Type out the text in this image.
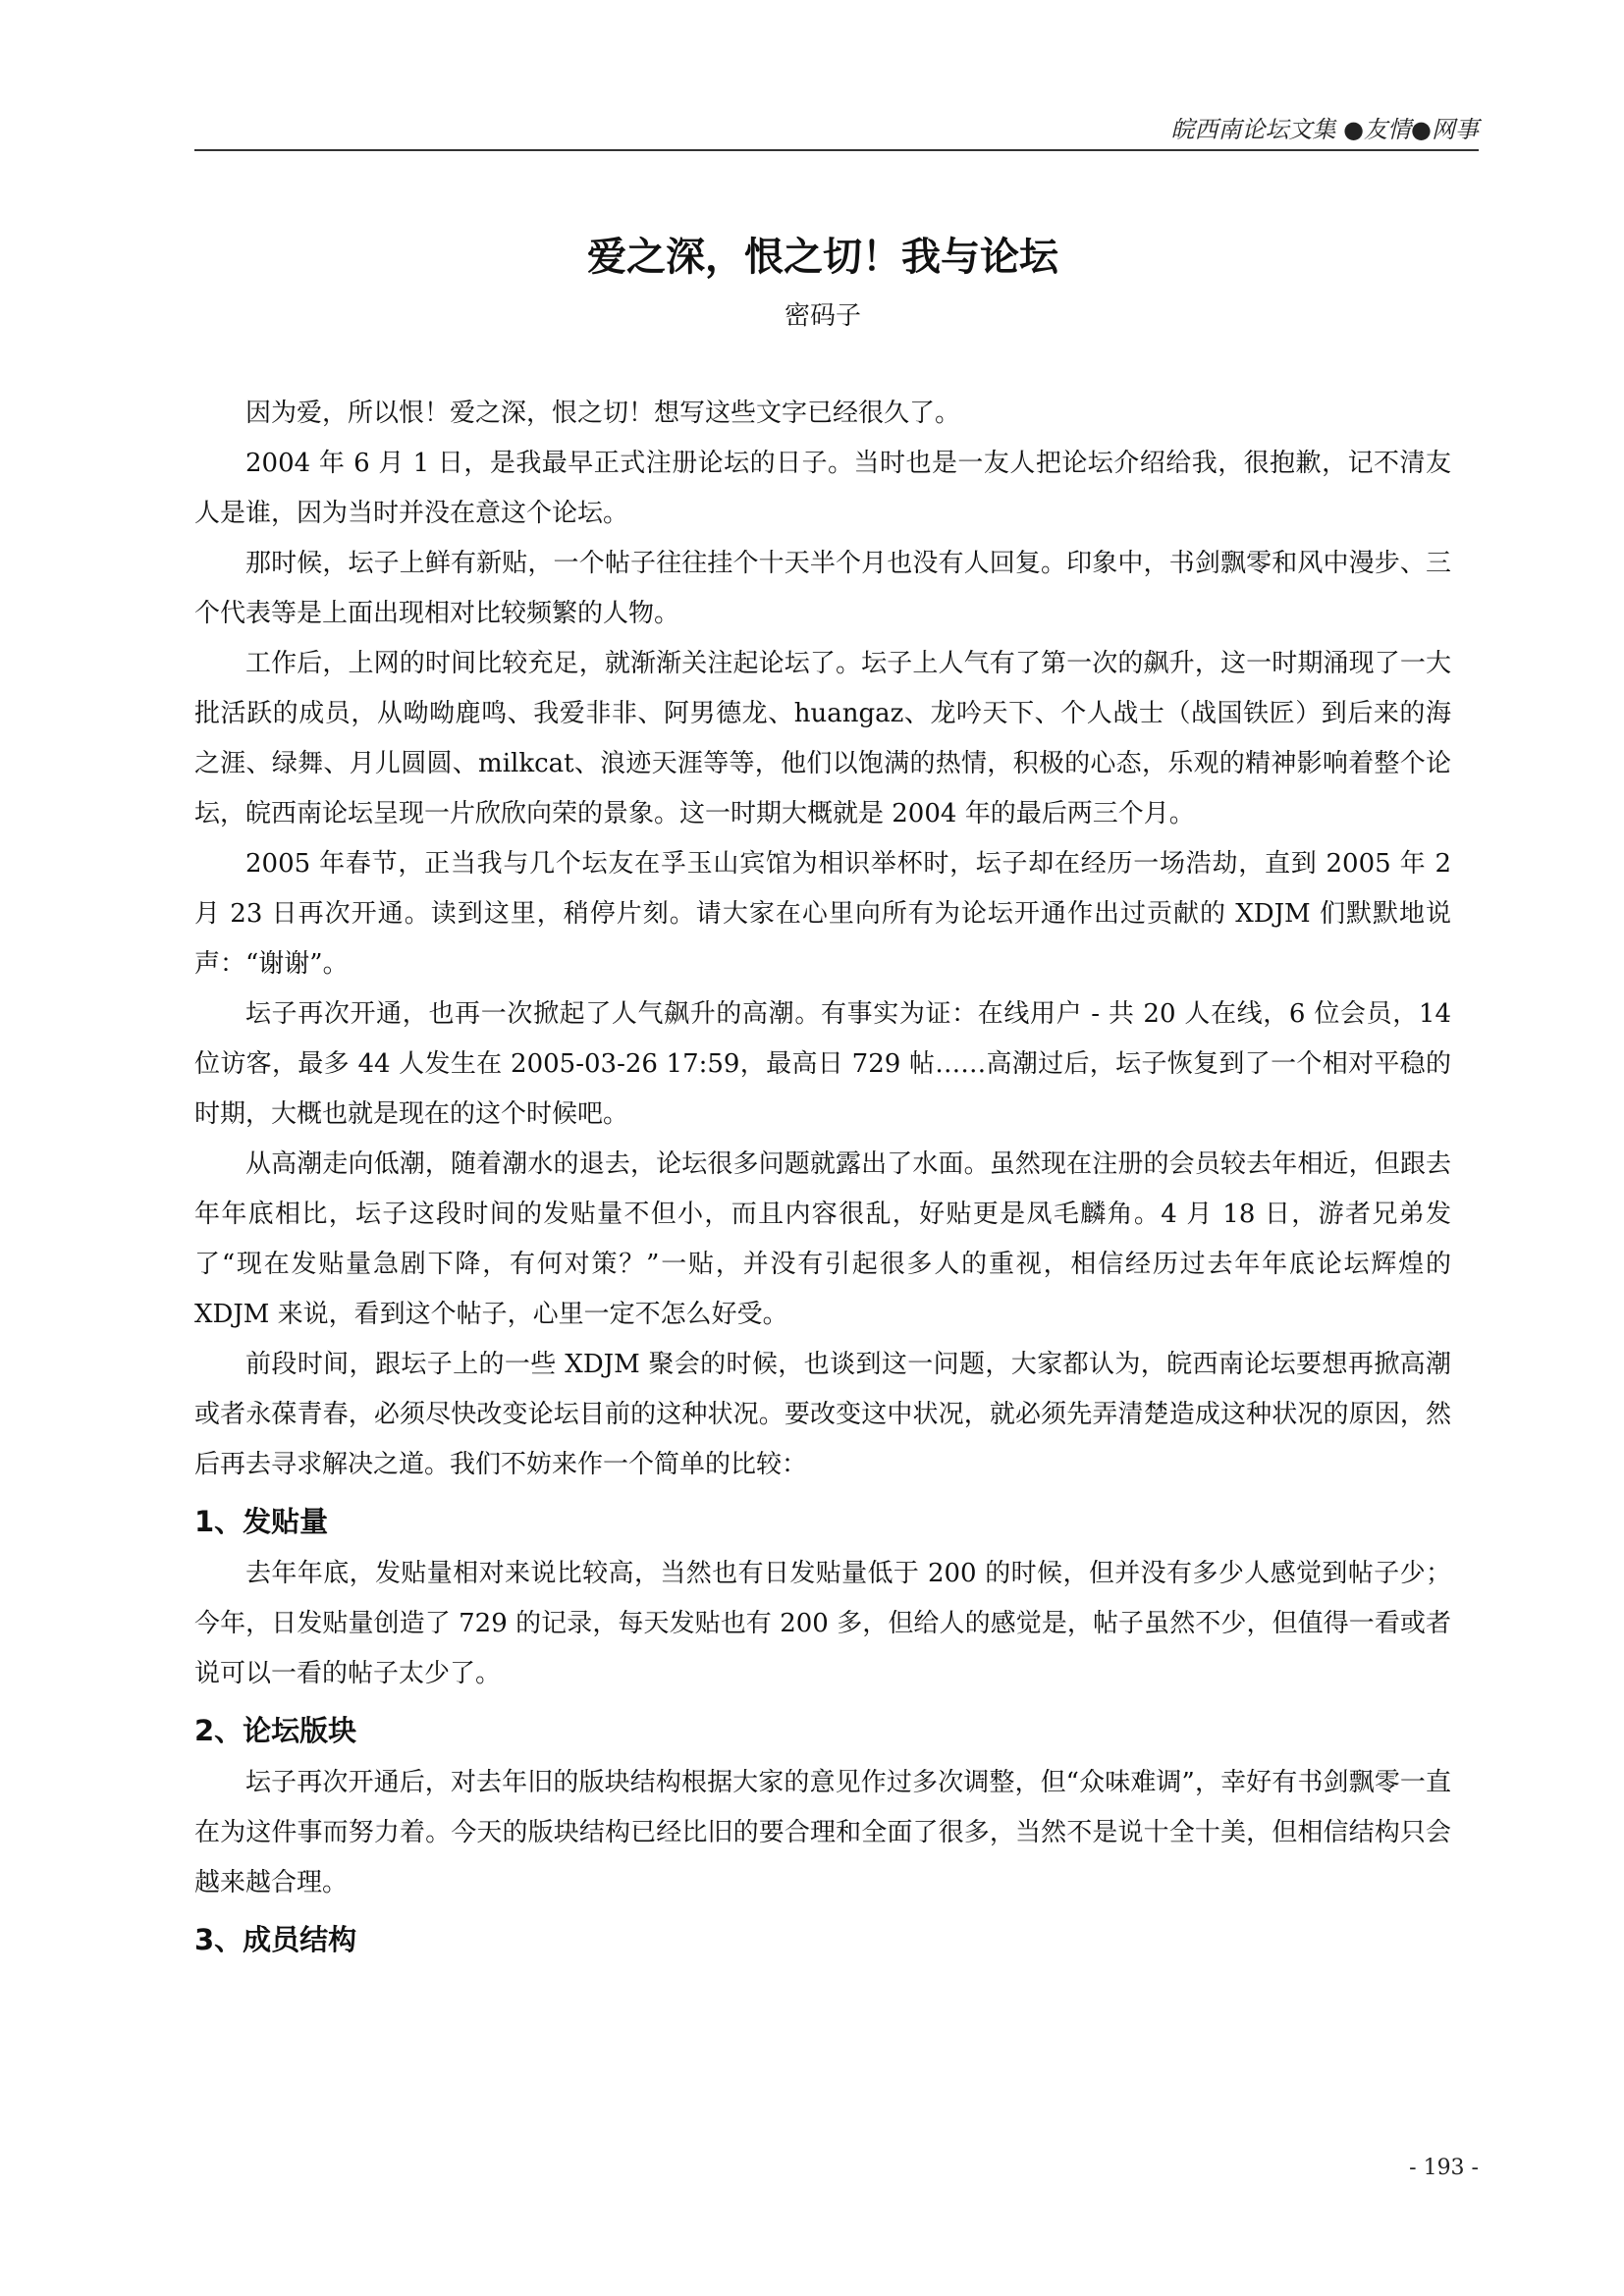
皖西南论坛文集 ●友情●网事
爱之深，恨之切！我与论坛
密码子

因为爱，所以恨！爱之深，恨之切！想写这些文字已经很久了。

2004 年 6 月 1 日，是我最早正式注册论坛的日子。当时也是一友人把论坛介绍给我，很抱歉，记不清友人是谁，因为当时并没在意这个论坛。

那时候，坛子上鲜有新贴，一个帖子往往挂个十天半个月也没有人回复。印象中，书剑飘零和风中漫步、三个代表等是上面出现相对比较频繁的人物。

工作后，上网的时间比较充足，就渐渐关注起论坛了。坛子上人气有了第一次的飙升，这一时期涌现了一大批活跃的成员，从呦呦鹿鸣、我爱非非、阿男德龙、huangaz、龙吟天下、个人战士（战国铁匠）到后来的海之涯、绿舞、月儿圆圆、milkcat、浪迹天涯等等，他们以饱满的热情，积极的心态，乐观的精神影响着整个论坛，皖西南论坛呈现一片欣欣向荣的景象。这一时期大概就是 2004 年的最后两三个月。

2005 年春节，正当我与几个坛友在孚玉山宾馆为相识举杯时，坛子却在经历一场浩劫，直到 2005 年 2 月 23 日再次开通。读到这里，稍停片刻。请大家在心里向所有为论坛开通作出过贡献的 XDJM 们默默地说声：“谢谢”。

坛子再次开通，也再一次掀起了人气飙升的高潮。有事实为证：在线用户 - 共 20 人在线，6 位会员，14 位访客，最多 44 人发生在 2005-03-26 17:59，最高日 729 帖……高潮过后，坛子恢复到了一个相对平稳的时期，大概也就是现在的这个时候吧。

从高潮走向低潮，随着潮水的退去，论坛很多问题就露出了水面。虽然现在注册的会员较去年相近，但跟去年年底相比，坛子这段时间的发贴量不但小，而且内容很乱，好贴更是凤毛麟角。4 月 18 日，游者兄弟发了“现在发贴量急剧下降，有何对策？”一贴，并没有引起很多人的重视，相信经历过去年年底论坛辉煌的 XDJM 来说，看到这个帖子，心里一定不怎么好受。

前段时间，跟坛子上的一些 XDJM 聚会的时候，也谈到这一问题，大家都认为，皖西南论坛要想再掀高潮或者永葆青春，必须尽快改变论坛目前的这种状况。要改变这中状况，就必须先弄清楚造成这种状况的原因，然后再去寻求解决之道。我们不妨来作一个简单的比较：

1、发贴量

去年年底，发贴量相对来说比较高，当然也有日发贴量低于 200 的时候，但并没有多少人感觉到帖子少；今年，日发贴量创造了 729 的记录，每天发贴也有 200 多，但给人的感觉是，帖子虽然不少，但值得一看或者说可以一看的帖子太少了。

2、论坛版块

坛子再次开通后，对去年旧的版块结构根据大家的意见作过多次调整，但“众味难调”，幸好有书剑飘零一直在为这件事而努力着。今天的版块结构已经比旧的要合理和全面了很多，当然不是说十全十美，但相信结构只会越来越合理。

3、成员结构
- 193 -
